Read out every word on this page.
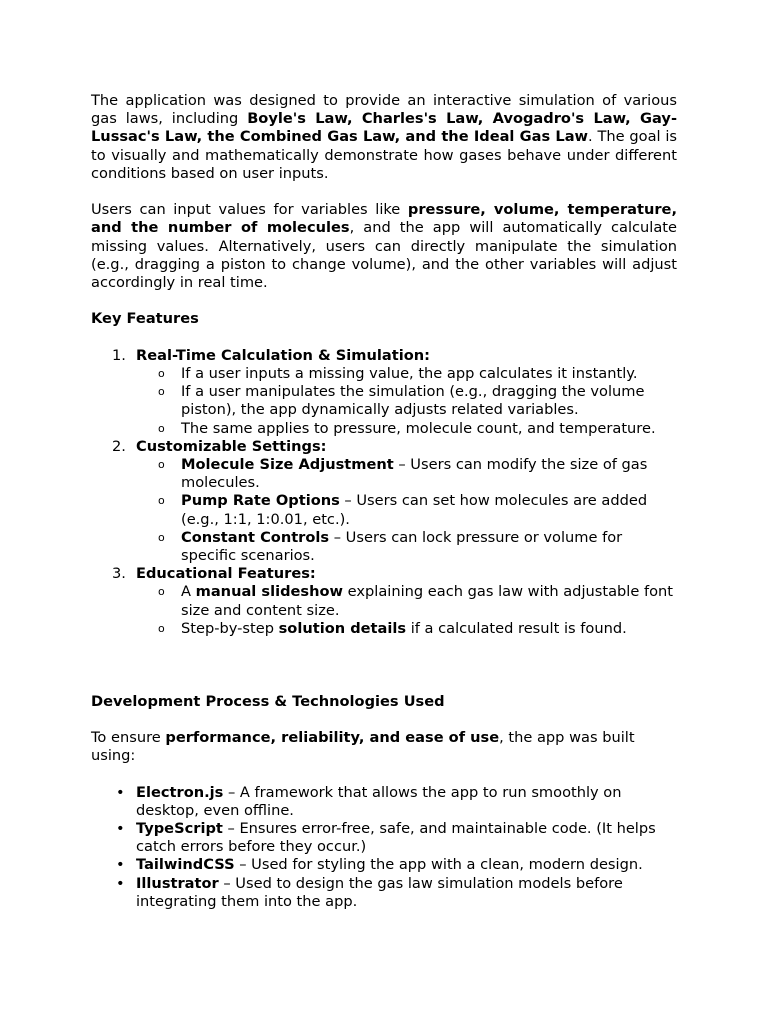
The application was designed to provide an interactive simulation of various gas laws, including Boyle's Law, Charles's Law, Avogadro's Law, Gay-Lussac's Law, the Combined Gas Law, and the Ideal Gas Law. The goal is to visually and mathematically demonstrate how gases behave under different conditions based on user inputs.

Users can input values for variables like pressure, volume, temperature, and the number of molecules, and the app will automatically calculate missing values. Alternatively, users can directly manipulate the simulation (e.g., dragging a piston to change volume), and the other variables will adjust accordingly in real time.

Key Features

1. Real-Time Calculation & Simulation:
o If a user inputs a missing value, the app calculates it instantly.
o If a user manipulates the simulation (e.g., dragging the volume piston), the app dynamically adjusts related variables.
o The same applies to pressure, molecule count, and temperature.
2. Customizable Settings:
o Molecule Size Adjustment – Users can modify the size of gas molecules.
o Pump Rate Options – Users can set how molecules are added (e.g., 1:1, 1:0.01, etc.).
o Constant Controls – Users can lock pressure or volume for specific scenarios.
3. Educational Features:
o A manual slideshow explaining each gas law with adjustable font size and content size.
o Step-by-step solution details if a calculated result is found.

Development Process & Technologies Used

To ensure performance, reliability, and ease of use, the app was built using:

• Electron.js – A framework that allows the app to run smoothly on desktop, even offline.
• TypeScript – Ensures error-free, safe, and maintainable code. (It helps catch errors before they occur.)
• TailwindCSS – Used for styling the app with a clean, modern design.
• Illustrator – Used to design the gas law simulation models before integrating them into the app.
